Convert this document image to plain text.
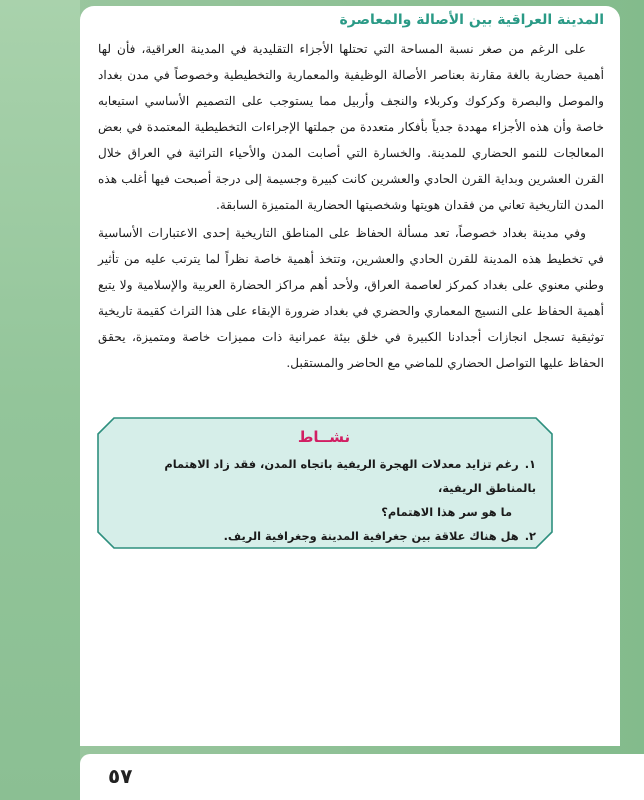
المدينة العراقية بين الأصالة والمعاصرة

على الرغم من صغر نسبة المساحة التي تحتلها الأجزاء التقليدية في المدينة العراقية، فأن لها أهمية حضارية بالغة مقارنة بعناصر الأصالة الوظيفية والمعمارية والتخطيطية وخصوصاً في مدن بغداد والموصل والبصرة وكركوك وكربلاء والنجف وأربيل مما يستوجب على التصميم الأساسي استيعابه خاصة وأن هذه الأجزاء مهددة جدياً بأفكار متعددة من جملتها الإجراءات التخطيطية المعتمدة في بعض المعالجات للنمو الحضاري للمدينة. والخسارة التي أصابت المدن والأحياء التراثية في العراق خلال القرن العشرين وبداية القرن الحادي والعشرين كانت كبيرة وجسيمة إلى درجة أصبحت فيها أغلب هذه المدن التاريخية تعاني من فقدان هويتها وشخصيتها الحضارية المتميزة السابقة.

وفي مدينة بغداد خصوصاً، تعد مسألة الحفاظ على المناطق التاريخية إحدى الاعتبارات الأساسية في تخطيط هذه المدينة للقرن الحادي والعشرين، وتتخذ أهمية خاصة نظراً لما يترتب عليه من تأثير وطني معنوي على بغداد كمركز لعاصمة العراق، ولأحد أهم مراكز الحضارة العربية والإسلامية ولا يتبع أهمية الحفاظ على النسيج المعماري والحضري في بغداد ضرورة الإبقاء على هذا التراث كقيمة تاريخية توثيقية تسجل انجازات أجدادنا الكبيرة في خلق بيئة عمرانية ذات مميزات خاصة ومتميزة، يحقق الحفاظ عليها التواصل الحضاري للماضي مع الحاضر والمستقبل.

نشــاط

١.رغم تزايد معدلات الهجرة الريفية باتجاه المدن، فقد زاد الاهتمام بالمناطق الريفية،

ما هو سر هذا الاهتمام؟

٢.هل هناك علاقة بين جغرافية المدينة وجغرافية الريف.

٥٧
